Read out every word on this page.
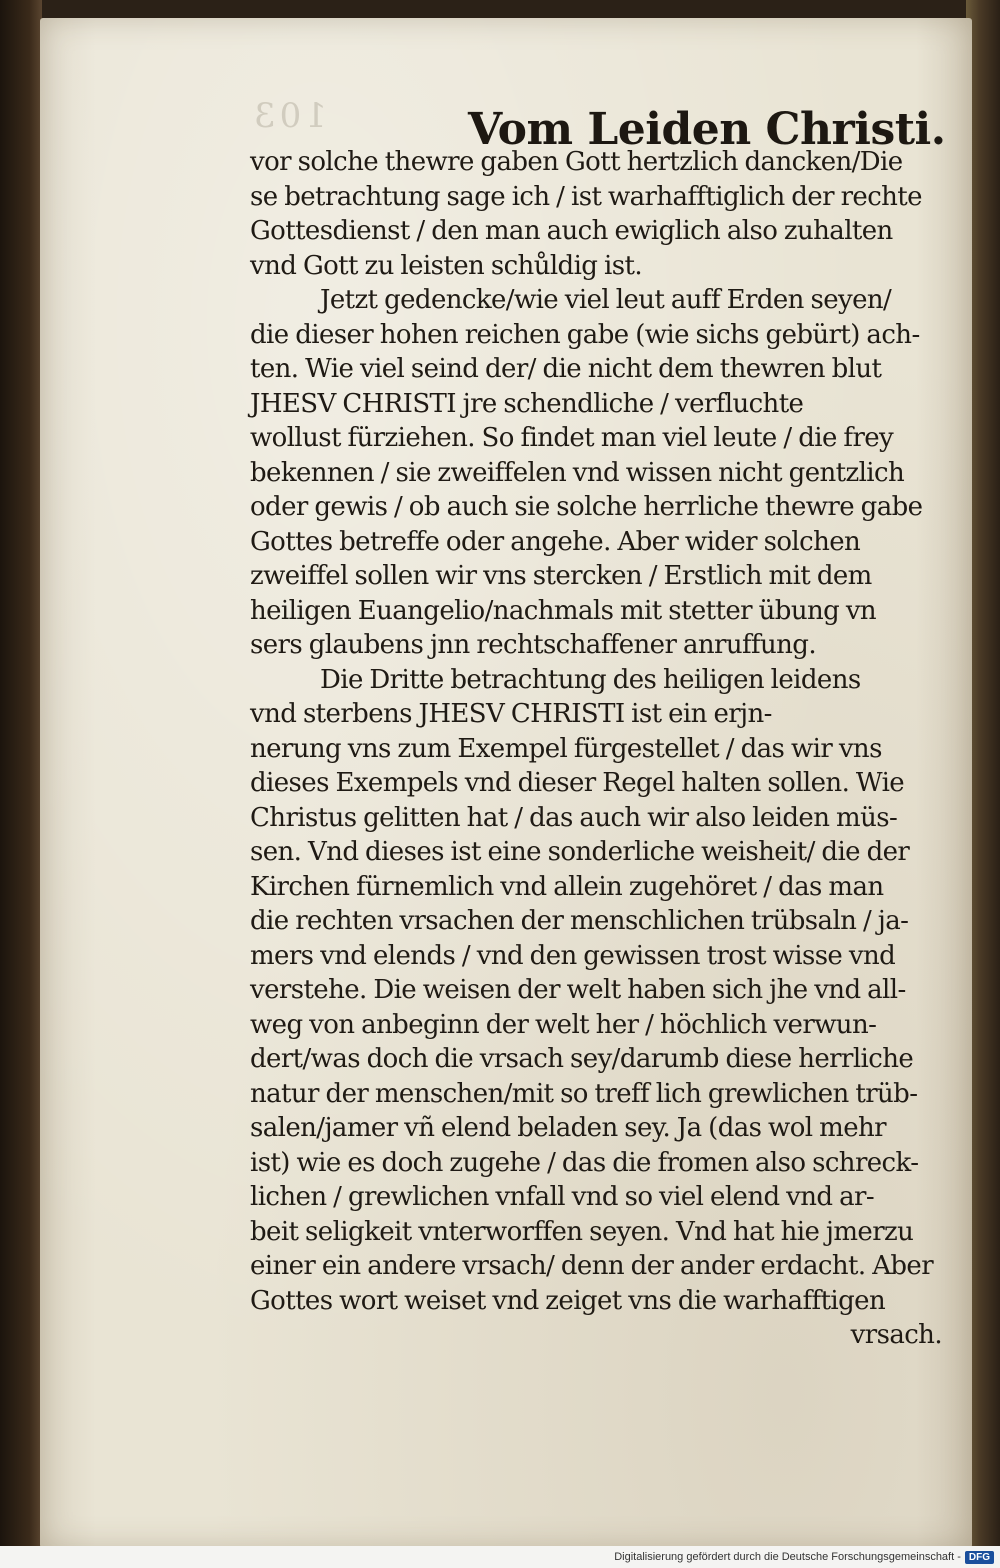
103	Vom Leiden Christi.
vor solche thewre gaben Gott hertzlich dancken/Die
se betrachtung sage ich / ist warhafftiglich der rechte
Gottesdienst / den man auch ewiglich also zuhalten
vnd Gott zu leisten schůldig ist.
Jetzt gedencke/wie viel leut auff Erden seyen/
die dieser hohen reichen gabe (wie sichs gebürt) ach-
ten. Wie viel seind der/ die nicht dem thewren blut
JHESV CHRISTI jre schendliche / verfluchte
wollust fürziehen. So findet man viel leute / die frey
bekennen / sie zweiffelen vnd wissen nicht gentzlich
oder gewis / ob auch sie solche herrliche thewre gabe
Gottes betreffe oder angehe. Aber wider solchen
zweiffel sollen wir vns stercken / Erstlich mit dem
heiligen Euangelio/nachmals mit stetter übung vn
sers glaubens jnn rechtschaffener anruffung.
Die Dritte betrachtung des heiligen leidens
vnd sterbens JHESV CHRISTI ist ein erjn-
nerung vns zum Exempel fürgestellet / das wir vns
dieses Exempels vnd dieser Regel halten sollen. Wie
Christus gelitten hat / das auch wir also leiden müs-
sen. Vnd dieses ist eine sonderliche weisheit/ die der
Kirchen fürnemlich vnd allein zugehöret / das man
die rechten vrsachen der menschlichen trübsaln / ja-
mers vnd elends / vnd den gewissen trost wisse vnd
verstehe. Die weisen der welt haben sich jhe vnd all-
weg von anbeginn der welt her / höchlich verwun-
dert/was doch die vrsach sey/darumb diese herrliche
natur der menschen/mit so treff lich grewlichen trüb-
salen/jamer vñ elend beladen sey. Ja (das wol mehr
ist) wie es doch zugehe / das die fromen also schreck-
lichen / grewlichen vnfall vnd so viel elend vnd ar-
beit seligkeit vnterworffen seyen. Vnd hat hie jmerzu
einer ein andere vrsach/ denn der ander erdacht. Aber
Gottes wort weiset vnd zeiget vns die warhafftigen
vrsach.
Digitalisierung gefördert durch die Deutsche Forschungsgemeinschaft - DFG
